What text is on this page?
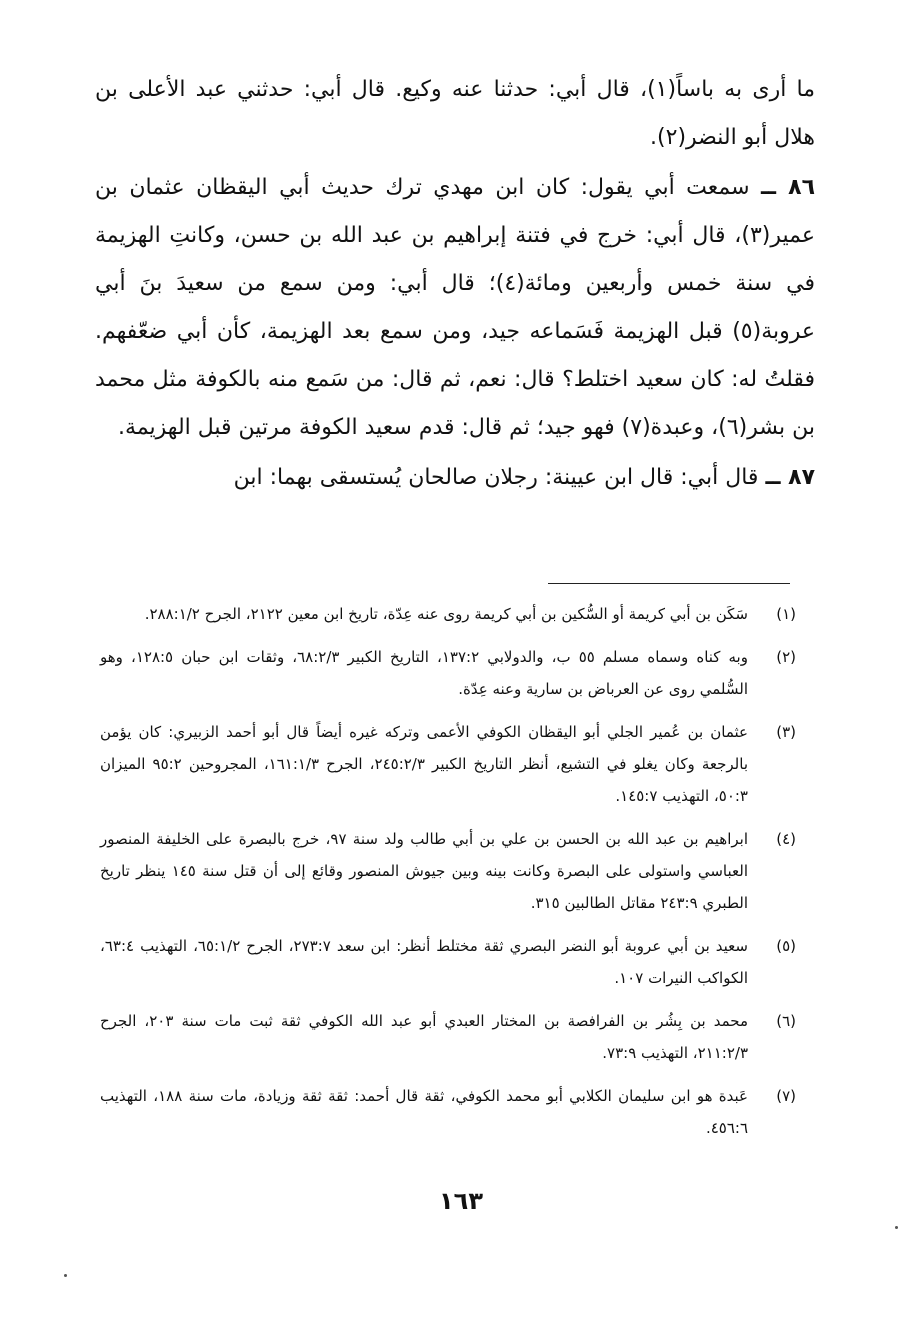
ما أرى به باساً(١)، قال أبي: حدثنا عنه وكيع. قال أبي: حدثني عبد الأعلى بن هلال أبو النضر(٢).

٨٦ ــ سمعت أبي يقول: كان ابن مهدي ترك حديث أبي اليقظان عثمان بن عمير(٣)، قال أبي: خرج في فتنة إبراهيم بن عبد الله بن حسن، وكانتِ الهزيمة في سنة خمس وأربعين ومائة(٤)؛ قال أبي: ومن سمع من سعيدَ بنَ أبي عروبة(٥) قبل الهزيمة فَسَماعه جيد، ومن سمع بعد الهزيمة، كأن أبي ضعّفهم. فقلتُ له: كان سعيد اختلط؟ قال: نعم، ثم قال: من سَمع منه بالكوفة مثل محمد بن بشر(٦)، وعبدة(٧) فهو جيد؛ ثم قال: قدم سعيد الكوفة مرتين قبل الهزيمة.

٨٧ ــ قال أبي: قال ابن عيينة: رجلان صالحان يُستسقى بهما: ابن

(١)
سَكَن بن أبي كريمة أو السُّكين بن أبي كريمة روى عنه عِدّة، تاريخ ابن معين ٢١٢٢، الجرح ٢٨٨:١/٢.
(٢)
وبه كناه وسماه مسلم ٥٥ ب، والدولابي ١٣٧:٢، التاريخ الكبير ٦٨:٢/٣، وثقات ابن حبان ١٢٨:٥، وهو السُّلمي روى عن العرباض بن سارية وعنه عِدّة.
(٣)
عثمان بن عُمير الجلي أبو اليقظان الكوفي الأعمى وتركه غيره أيضاً قال أبو أحمد الزبيري: كان يؤمن بالرجعة وكان يغلو في التشيع، أنظر التاريخ الكبير ٢٤٥:٢/٣، الجرح ١٦١:١/٣، المجروحين ٩٥:٢ الميزان ٥٠:٣، التهذيب ١٤٥:٧.
(٤)
ابراهيم بن عبد الله بن الحسن بن علي بن أبي طالب ولد سنة ٩٧، خرج بالبصرة على الخليفة المنصور العباسي واستولى على البصرة وكانت بينه وبين جيوش المنصور وقائع إلى أن قتل سنة ١٤٥ ينظر تاريخ الطبري ٢٤٣:٩ مقاتل الطالبين ٣١٥.
(٥)
سعيد بن أبي عروبة أبو النضر البصري ثقة مختلط أنظر: ابن سعد ٢٧٣:٧، الجرح ٦٥:١/٢، التهذيب ٦٣:٤، الكواكب النيرات ١٠٧.
(٦)
محمد بن بِشُر بن الفرافصة بن المختار العبدي أبو عبد الله الكوفي ثقة ثبت مات سنة ٢٠٣، الجرح ٢١١:٢/٣، التهذيب ٧٣:٩.
(٧)
عَبدة هو ابن سليمان الكلابي أبو محمد الكوفي، ثقة قال أحمد: ثقة ثقة وزيادة، مات سنة ١٨٨، التهذيب ٤٥٦:٦.
١٦٣
